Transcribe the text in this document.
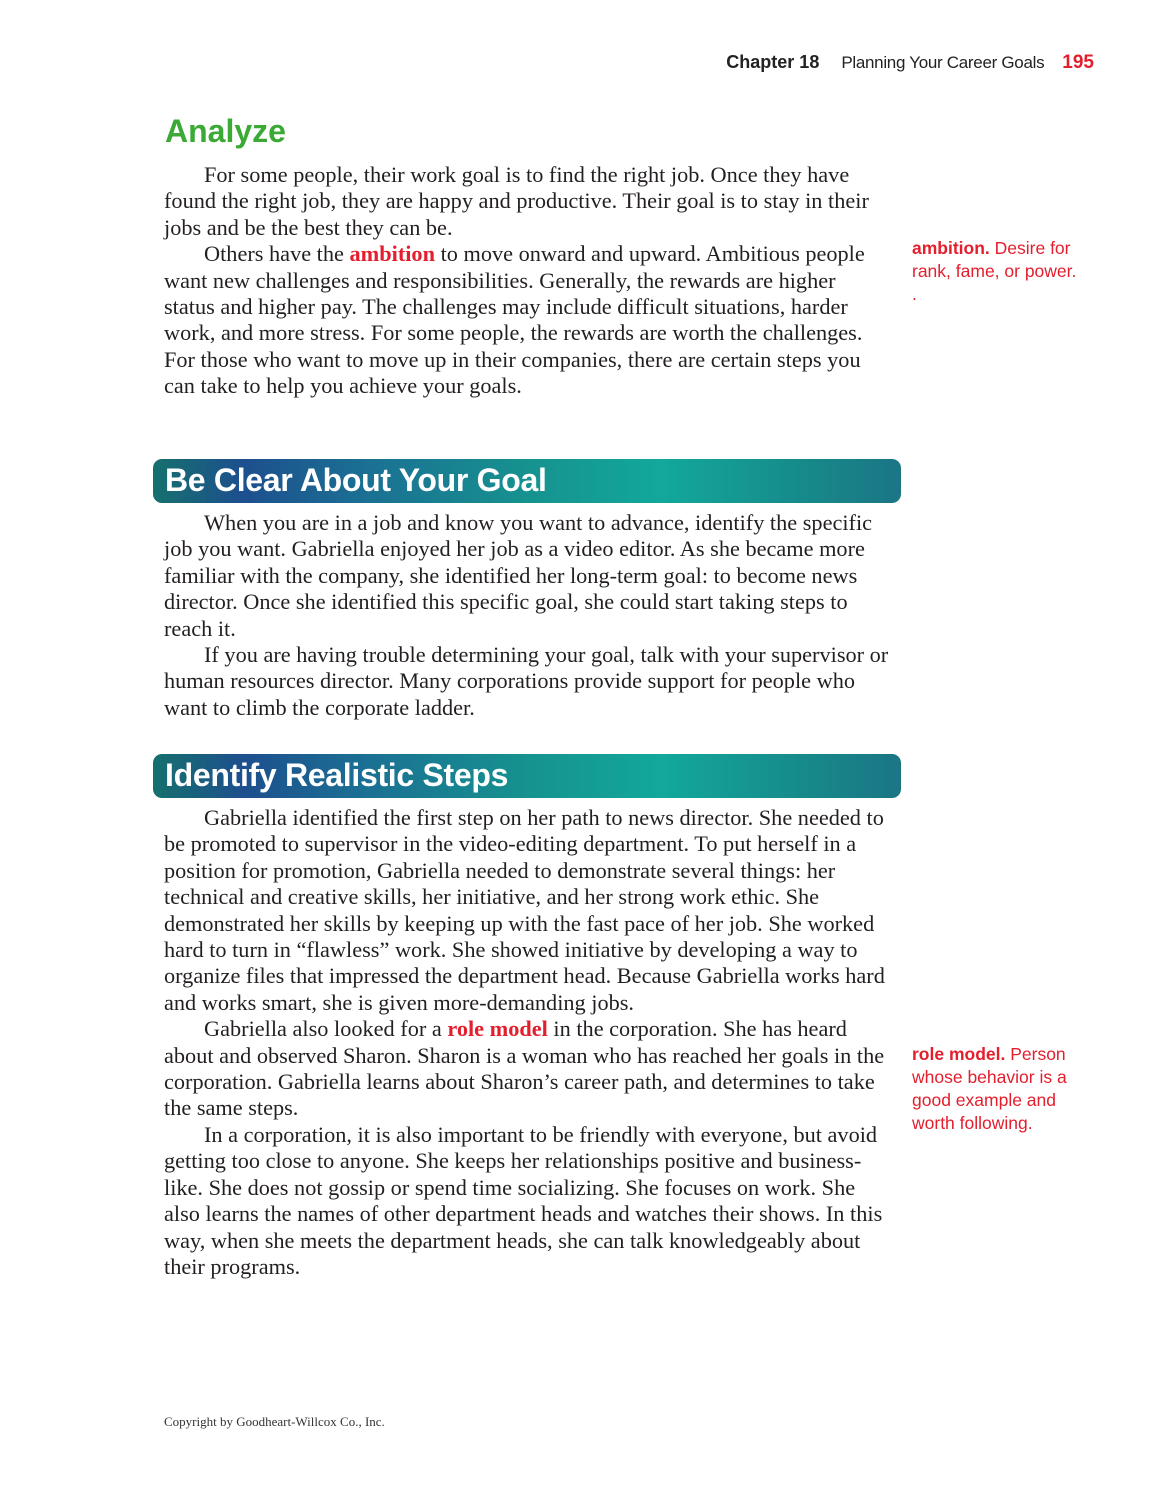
Chapter 18 Planning Your Career Goals 195
Analyze

For some people, their work goal is to find the right job. Once they have found the right job, they are happy and productive. Their goal is to stay in their jobs and be the best they can be.

Others have the ambition to move onward and upward. Ambitious people want new challenges and responsibilities. Generally, the rewards are higher status and higher pay. The challenges may include difficult situations, harder work, and more stress. For some people, the rewards are worth the challenges. For those who want to move up in their companies, there are certain steps you can take to help you achieve your goals.

Be Clear About Your Goal

When you are in a job and know you want to advance, identify the specific job you want. Gabriella enjoyed her job as a video editor. As she became more familiar with the company, she identified her long-term goal: to become news director. Once she identified this specific goal, she could start taking steps to reach it.

If you are having trouble determining your goal, talk with your supervisor or human resources director. Many corporations provide support for people who want to climb the corporate ladder.

Identify Realistic Steps

Gabriella identified the first step on her path to news director. She needed to be promoted to supervisor in the video-editing department. To put herself in a position for promotion, Gabriella needed to demonstrate several things: her technical and creative skills, her initiative, and her strong work ethic. She demonstrated her skills by keeping up with the fast pace of her job. She worked hard to turn in “flawless” work. She showed initiative by developing a way to organize files that impressed the department head. Because Gabriella works hard and works smart, she is given more-demanding jobs.

Gabriella also looked for a role model in the corporation. She has heard about and observed Sharon. Sharon is a woman who has reached her goals in the corporation. Gabriella learns about Sharon’s career path, and determines to take the same steps.

In a corporation, it is also important to be friendly with everyone, but avoid getting too close to anyone. She keeps her relationships positive and business-like. She does not gossip or spend time socializing. She focuses on work. She also learns the names of other department heads and watches their shows. In this way, when she meets the department heads, she can talk knowledgeably about their programs.

ambition. Desire for rank, fame, or power.
.
role model. Person whose behavior is a good example and worth following.
Copyright by Goodheart-Willcox Co., Inc.
